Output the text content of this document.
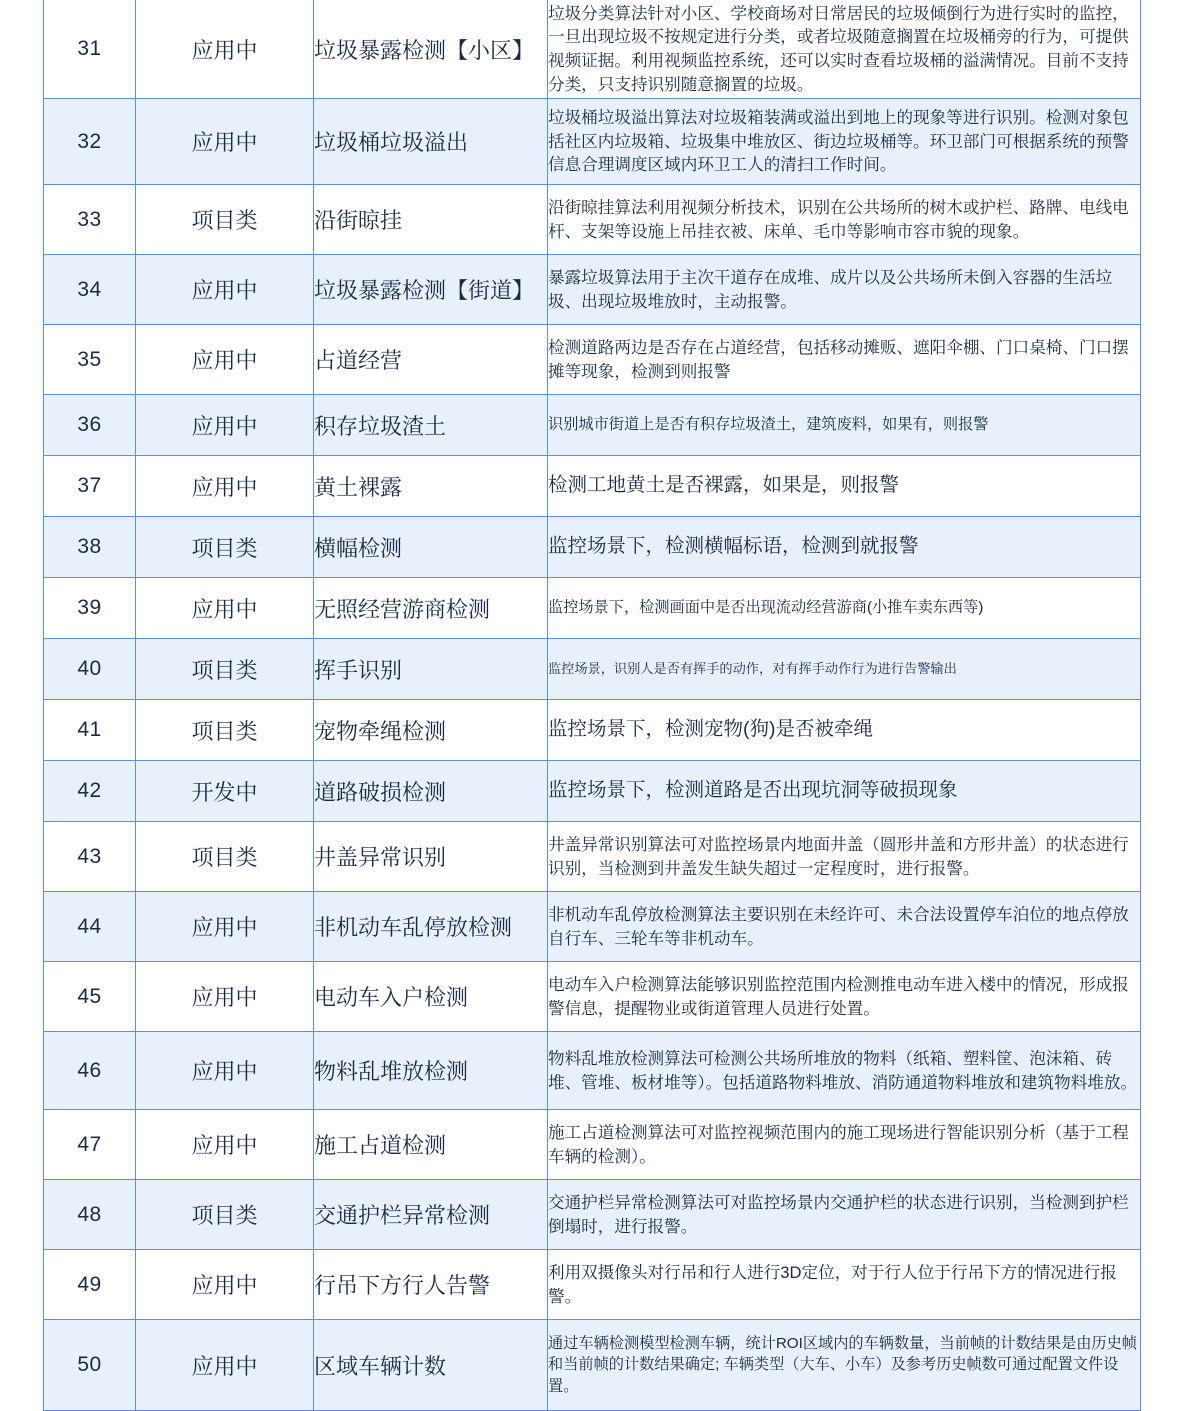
31	应用中	垃圾暴露检测【小区】	垃圾分类算法针对小区、学校商场对日常居民的垃圾倾倒行为进行实时的监控，一旦出现垃圾不按规定进行分类，或者垃圾随意搁置在垃圾桶旁的行为，可提供视频证据。利用视频监控系统，还可以实时查看垃圾桶的溢满情况。目前不支持分类，只支持识别随意搁置的垃圾。
32	应用中	垃圾桶垃圾溢出	垃圾桶垃圾溢出算法对垃圾箱装满或溢出到地上的现象等进行识别。检测对象包括社区内垃圾箱、垃圾集中堆放区、街边垃圾桶等。环卫部门可根据系统的预警信息合理调度区域内环卫工人的清扫工作时间。
33	项目类	沿街晾挂	沿街晾挂算法利用视频分析技术，识别在公共场所的树木或护栏、路牌、电线电杆、支架等设施上吊挂衣被、床单、毛巾等影响市容市貌的现象。
34	应用中	垃圾暴露检测【街道】	暴露垃圾算法用于主次干道存在成堆、成片以及公共场所未倒入容器的生活垃圾、出现垃圾堆放时，主动报警。
35	应用中	占道经营	检测道路两边是否存在占道经营，包括移动摊贩、遮阳伞棚、门口桌椅、门口摆摊等现象，检测到则报警
36	应用中	积存垃圾渣土	识别城市街道上是否有积存垃圾渣土，建筑废料，如果有，则报警
37	应用中	黄土裸露	检测工地黄土是否裸露，如果是，则报警
38	项目类	横幅检测	监控场景下，检测横幅标语，检测到就报警
39	应用中	无照经营游商检测	监控场景下，检测画面中是否出现流动经营游商(小推车卖东西等)
40	项目类	挥手识别	监控场景，识别人是否有挥手的动作，对有挥手动作行为进行告警输出
41	项目类	宠物牵绳检测	监控场景下，检测宠物(狗)是否被牵绳
42	开发中	道路破损检测	监控场景下，检测道路是否出现坑洞等破损现象
43	项目类	井盖异常识别	井盖异常识别算法可对监控场景内地面井盖（圆形井盖和方形井盖）的状态进行识别，当检测到井盖发生缺失超过一定程度时，进行报警。
44	应用中	非机动车乱停放检测	非机动车乱停放检测算法主要识别在未经许可、未合法设置停车泊位的地点停放自行车、三轮车等非机动车。
45	应用中	电动车入户检测	电动车入户检测算法能够识别监控范围内检测推电动车进入楼中的情况，形成报警信息，提醒物业或街道管理人员进行处置。
46	应用中	物料乱堆放检测	物料乱堆放检测算法可检测公共场所堆放的物料（纸箱、塑料筐、泡沫箱、砖堆、管堆、板材堆等）。包括道路物料堆放、消防通道物料堆放和建筑物料堆放。
47	应用中	施工占道检测	施工占道检测算法可对监控视频范围内的施工现场进行智能识别分析（基于工程车辆的检测）。
48	项目类	交通护栏异常检测	交通护栏异常检测算法可对监控场景内交通护栏的状态进行识别，当检测到护栏倒塌时，进行报警。
49	应用中	行吊下方行人告警	利用双摄像头对行吊和行人进行3D定位，对于行人位于行吊下方的情况进行报警。
50	应用中	区域车辆计数	通过车辆检测模型检测车辆，统计ROI区域内的车辆数量，当前帧的计数结果是由历史帧和当前帧的计数结果确定; 车辆类型（大车、小车）及参考历史帧数可通过配置文件设置。
